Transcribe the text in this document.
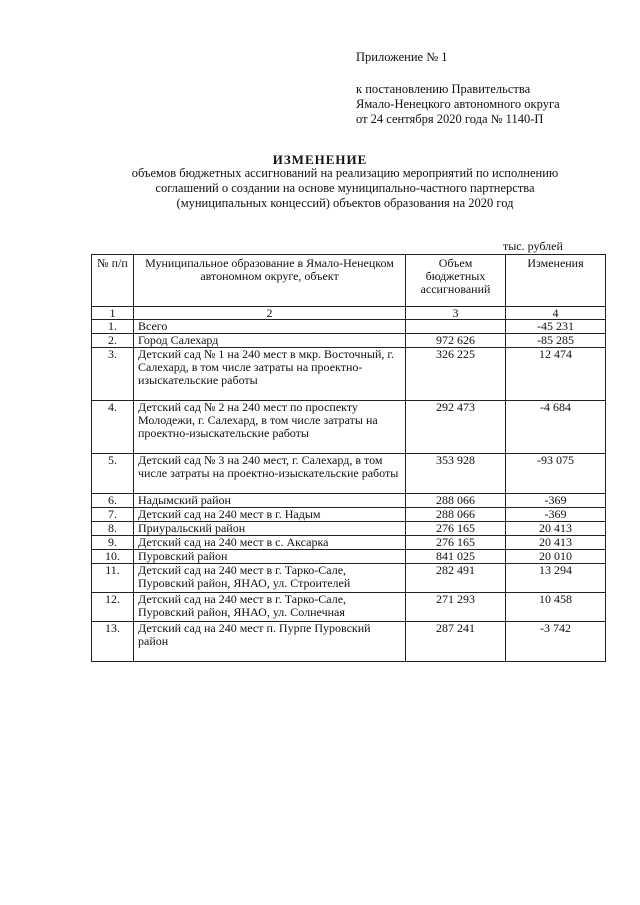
Приложение № 1
к постановлению Правительства
Ямало-Ненецкого автономного округа
от 24 сентября 2020 года № 1140-П
ИЗМЕНЕНИЕ
объемов бюджетных ассигнований на реализацию мероприятий по исполнению
соглашений о создании на основе муниципально-частного партнерства
(муниципальных концессий) объектов образования на 2020 год
тыс. рублей
№ п/п	Муниципальное образование в Ямало-Ненецком автономном округе, объект	Объем бюджетных ассигнований	Изменения
1	2	3	4
1.	Всего		-45 231
2.	Город Салехард	972 626	-85 285
3.	Детский сад № 1 на 240 мест в мкр. Восточный, г. Салехард, в том числе затраты на проектно-изыскательские работы	326 225	12 474
4.	Детский сад № 2 на 240 мест по проспекту Молодежи, г. Салехард, в том числе затраты на проектно-изыскательские работы	292 473	-4 684
5.	Детский сад № 3 на 240 мест, г. Салехард, в том числе затраты на проектно-изыскательские работы	353 928	-93 075
6.	Надымский район	288 066	-369
7.	Детский сад на 240 мест в г. Надым	288 066	-369
8.	Приуральский район	276 165	20 413
9.	Детский сад на 240 мест в с. Аксарка	276 165	20 413
10.	Пуровский район	841 025	20 010
11.	Детский сад на 240 мест в г. Тарко-Сале, Пуровский район, ЯНАО, ул. Строителей	282 491	13 294
12.	Детский сад на 240 мест в г. Тарко-Сале, Пуровский район, ЯНАО, ул. Солнечная	271 293	10 458
13.	Детский сад на 240 мест п. Пурпе Пуровский район	287 241	-3 742
